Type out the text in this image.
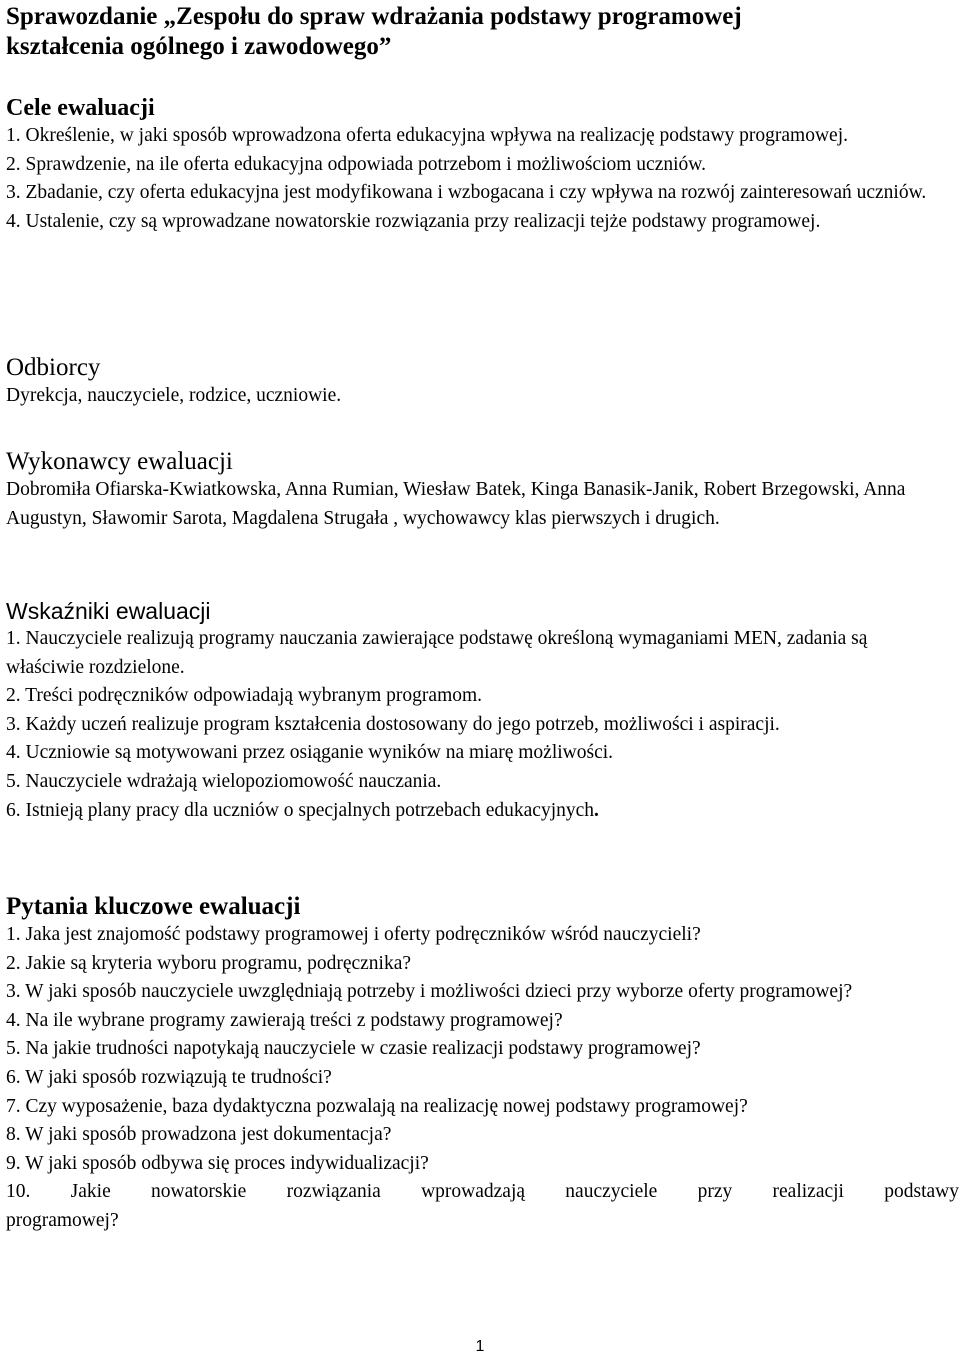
Sprawozdanie „Zespołu do spraw wdrażania podstawy programowej
kształcenia ogólnego i zawodowego”
Cele ewaluacji
1. Określenie, w jaki sposób wprowadzona oferta edukacyjna wpływa na realizację podstawy programowej.
2. Sprawdzenie, na ile oferta edukacyjna odpowiada potrzebom i możliwościom uczniów.
3. Zbadanie, czy oferta edukacyjna jest modyfikowana i wzbogacana i czy wpływa na rozwój zainteresowań uczniów.
4. Ustalenie, czy są wprowadzane nowatorskie rozwiązania przy realizacji tejże podstawy programowej.
Odbiorcy

Dyrekcja, nauczyciele, rodzice, uczniowie.

Wykonawcy ewaluacji

Dobromiła Ofiarska-Kwiatkowska, Anna Rumian, Wiesław Batek, Kinga Banasik-Janik, Robert Brzegowski, Anna Augustyn, Sławomir Sarota, Magdalena Strugała , wychowawcy klas pierwszych i drugich.

Wskaźniki ewaluacji
1. Nauczyciele realizują programy nauczania zawierające podstawę określoną wymaganiami MEN, zadania są właściwie rozdzielone.
2. Treści podręczników odpowiadają wybranym programom.
3. Każdy uczeń realizuje program kształcenia dostosowany do jego potrzeb, możliwości i aspiracji.
4. Uczniowie są motywowani przez osiąganie wyników na miarę możliwości.
5. Nauczyciele wdrażają wielopoziomowość nauczania.
6. Istnieją plany pracy dla uczniów o specjalnych potrzebach edukacyjnych.
Pytania kluczowe ewaluacji
1. Jaka jest znajomość podstawy programowej i oferty podręczników wśród nauczycieli?
2. Jakie są kryteria wyboru programu, podręcznika?
3. W jaki sposób nauczyciele uwzględniają potrzeby i możliwości dzieci przy wyborze oferty programowej?
4. Na ile wybrane programy zawierają treści z podstawy programowej?
5. Na jakie trudności napotykają nauczyciele w czasie realizacji podstawy programowej?
6. W jaki sposób rozwiązują te trudności?
7. Czy wyposażenie, baza dydaktyczna pozwalają na realizację nowej podstawy programowej?
8. W jaki sposób prowadzona jest dokumentacja?
9. W jaki sposób odbywa się proces indywidualizacji?
10. Jakie nowatorskie rozwiązania wprowadzają nauczyciele przy realizacji podstawy
programowej?
1
